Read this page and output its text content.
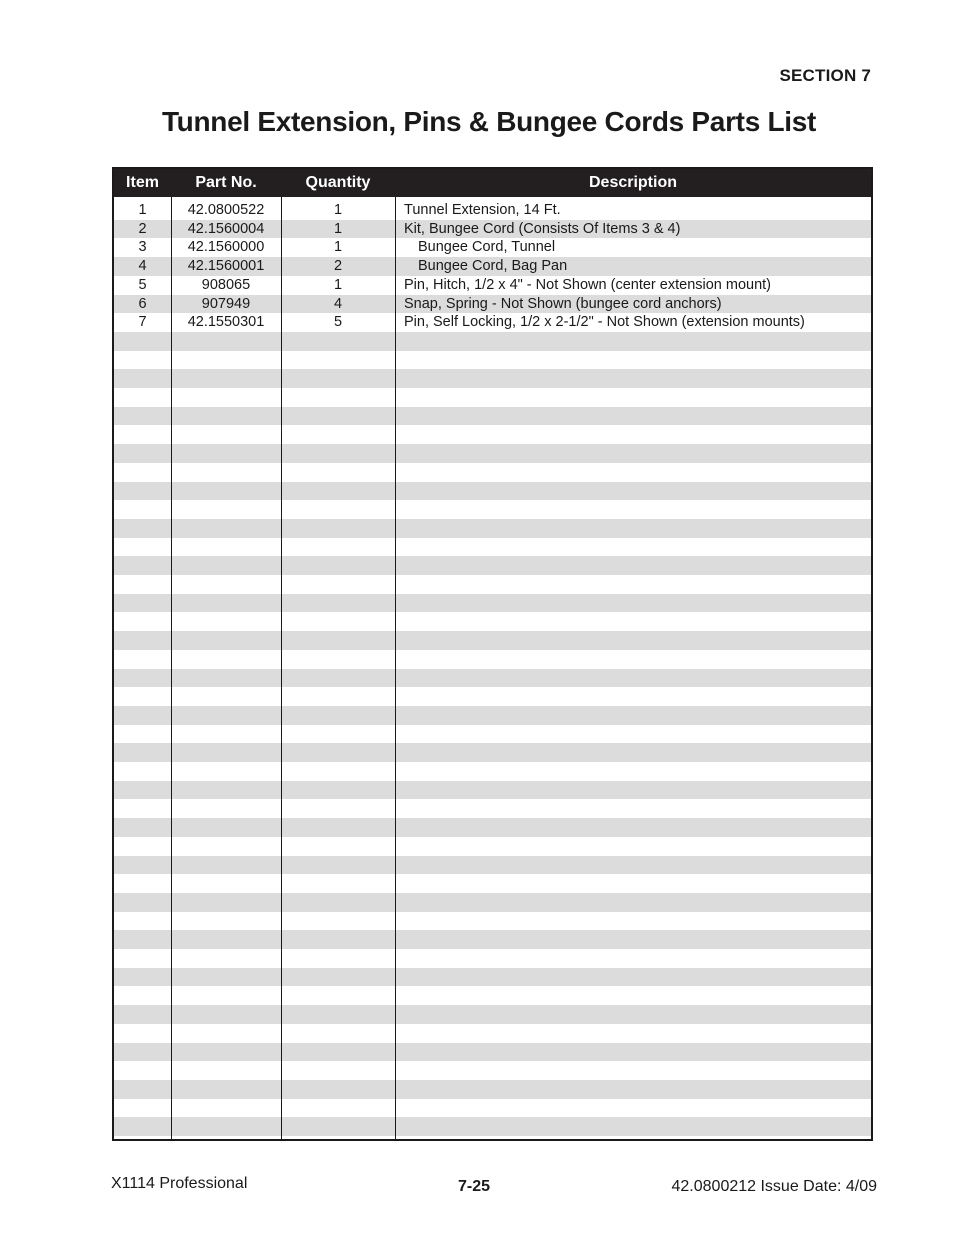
SECTION 7
Tunnel Extension, Pins & Bungee Cords Parts List
Item	Part No.	Quantity	Description
1	42.0800522	1	Tunnel Extension, 14 Ft.
2	42.1560004	1	Kit, Bungee Cord (Consists Of Items 3 & 4)
3	42.1560000	1	Bungee Cord, Tunnel
4	42.1560001	2	Bungee Cord, Bag Pan
5	908065	1	Pin, Hitch, 1/2 x 4" - Not Shown (center extension mount)
6	907949	4	Snap, Spring - Not Shown (bungee cord anchors)
7	42.1550301	5	Pin, Self Locking, 1/2 x 2-1/2" - Not Shown (extension mounts)
X1114 Professional	7-25	42.0800212 Issue Date: 4/09
